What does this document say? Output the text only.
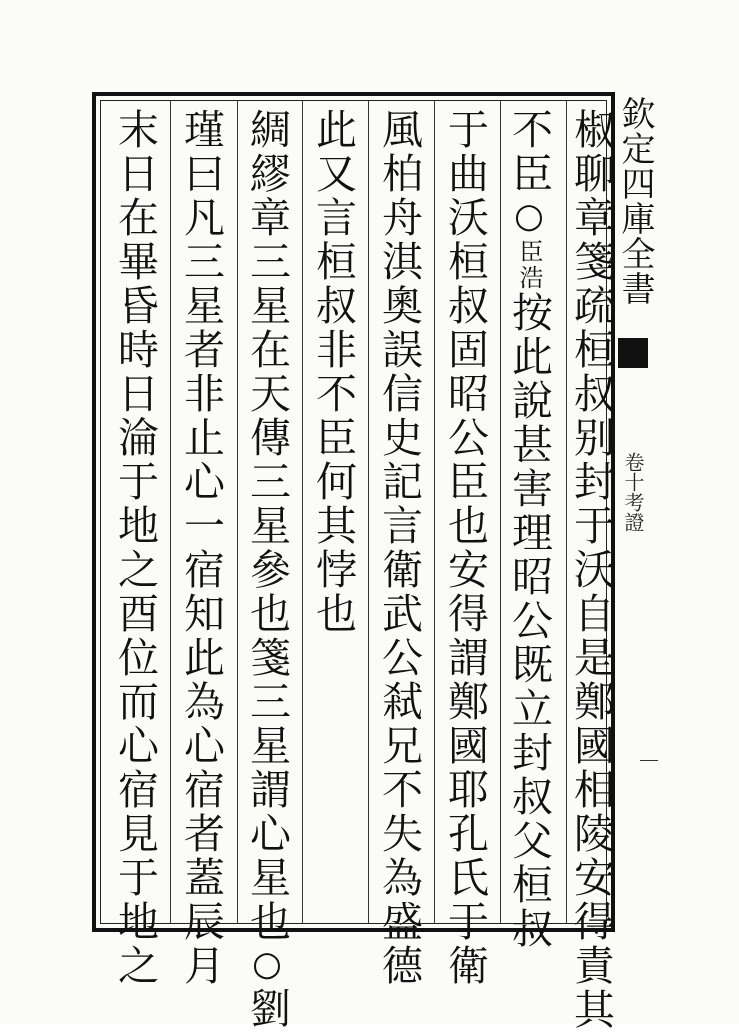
椒聊章箋疏桓叔别封于沃自是鄭國相陵安得責其
不臣○臣浩按此說甚害理昭公既立封叔父桓叔
于曲沃桓叔固昭公臣也安得謂鄭國耶孔氏于衛
風柏舟淇奧誤信史記言衛武公弒兄不失為盛德
此又言桓叔非不臣何其悖也
綢繆章三星在天傳三星參也箋三星謂心星也○劉
瑾曰凡三星者非止心一宿知此為心宿者蓋辰月
末日在畢昏時日淪于地之酉位而心宿見于地之	欽定四庫全書
卷十考證
